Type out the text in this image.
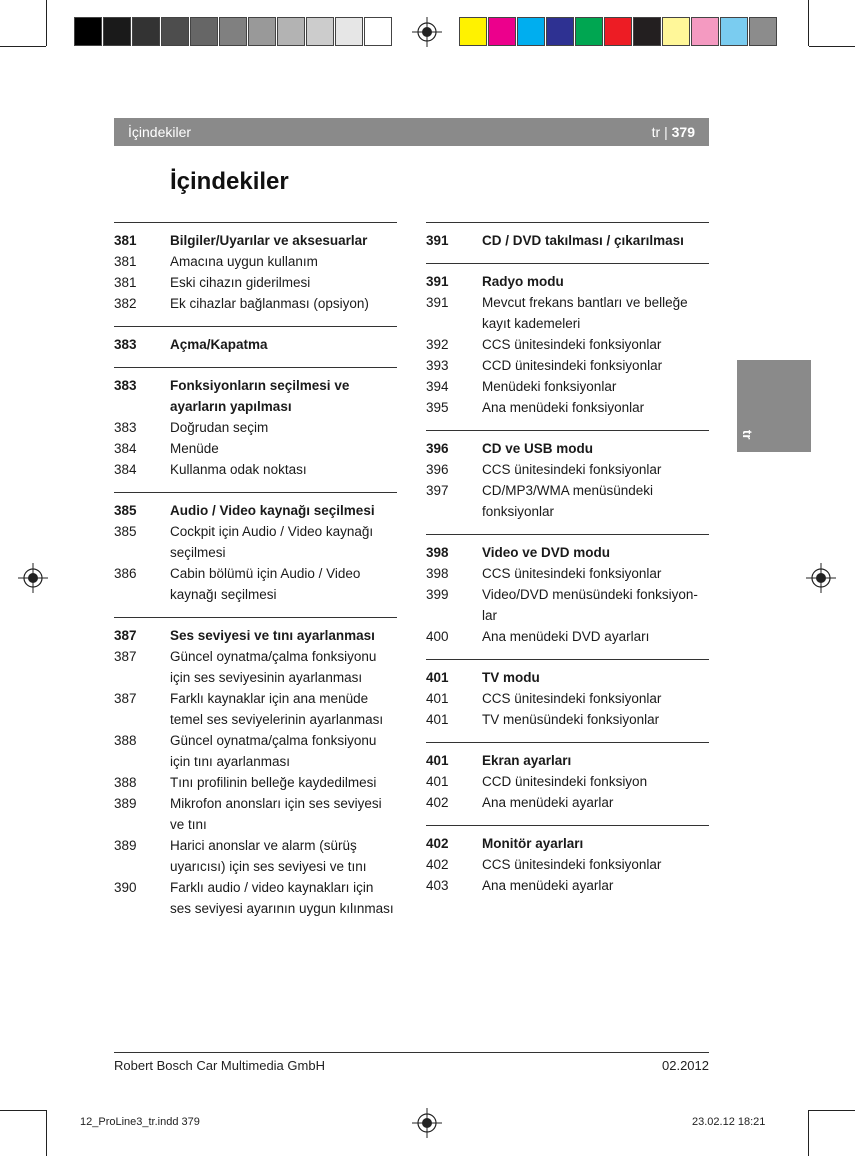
İçindekiler	tr | 379
İçindekiler
tr
381	Bilgiler/Uyarılar ve aksesuarlar
381	Amacına uygun kullanım
381	Eski cihazın giderilmesi
382	Ek cihazlar bağlanması (opsiyon)
383	Açma/Kapatma
383	Fonksiyonların seçilmesi ve ayarların yapılması
383	Doğrudan seçim
384	Menüde
384	Kullanma odak noktası
385	Audio / Video kaynağı seçilmesi
385	Cockpit için Audio / Video kaynağı seçilmesi
386	Cabin bölümü için Audio / Video kaynağı seçilmesi
387	Ses seviyesi ve tını ayarlanması
387	Güncel oynatma/çalma fonksiyonu için ses seviyesinin ayarlanması
387	Farklı kaynaklar için ana menüde temel ses seviyelerinin ayarlanması
388	Güncel oynatma/çalma fonksiyonu için tını ayarlanması
388	Tını profilinin belleğe kaydedilmesi
389	Mikrofon anonsları için ses seviyesi ve tını
389	Harici anonslar ve alarm (sürüş uyarıcısı) için ses seviyesi ve tını
390	Farklı audio / video kaynakları için ses seviyesi ayarının uygun kılınması
391	CD / DVD takılması / çıkarılması
391	Radyo modu
391	Mevcut frekans bantları ve belleğe kayıt kademeleri
392	CCS ünitesindeki fonksiyonlar
393	CCD ünitesindeki fonksiyonlar
394	Menüdeki fonksiyonlar
395	Ana menüdeki fonksiyonlar
396	CD ve USB modu
396	CCS ünitesindeki fonksiyonlar
397	CD/MP3/WMA menüsündeki fonksiyonlar
398	Video ve DVD modu
398	CCS ünitesindeki fonksiyonlar
399	Video/DVD menüsündeki fonksiyon-lar
400	Ana menüdeki DVD ayarları
401	TV modu
401	CCS ünitesindeki fonksiyonlar
401	TV menüsündeki fonksiyonlar
401	Ekran ayarları
401	CCD ünitesindeki fonksiyon
402	Ana menüdeki ayarlar
402	Monitör ayarları
402	CCS ünitesindeki fonksiyonlar
403	Ana menüdeki ayarlar
Robert Bosch Car Multimedia GmbH	02.2012
12_ProLine3_tr.indd 379	23.02.12 18:21
